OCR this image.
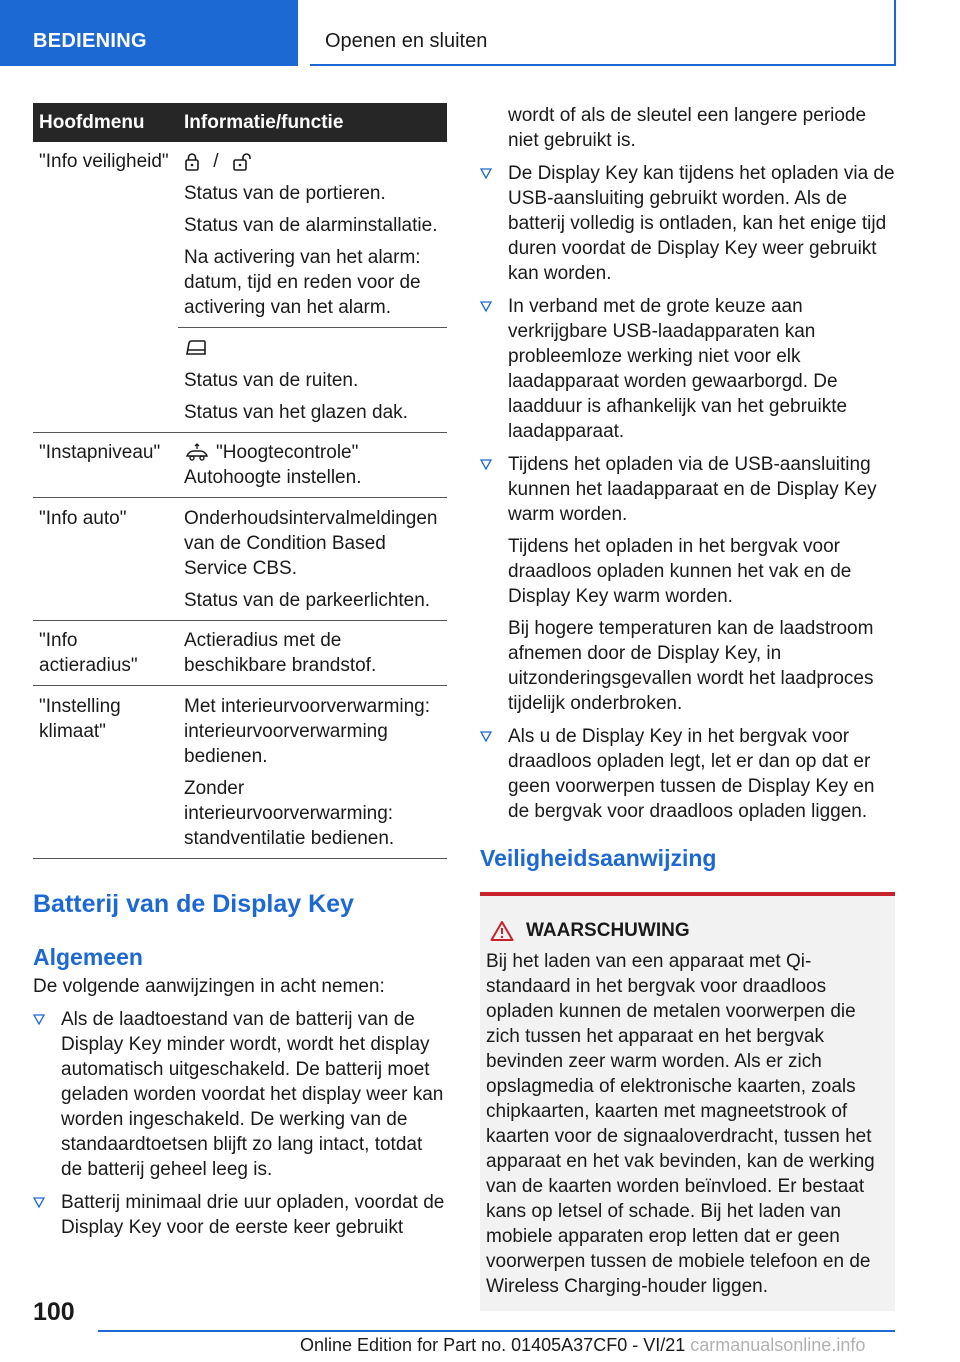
BEDIENING	Openen en sluiten
Hoofdmenu	Informatie/functie
"Info veiligheid"	/

Status van de portieren.

Status van de alarminstallatie.

Na activering van het alarm: datum, tijd en reden voor de activering van het alarm.

	Status van de ruiten.

Status van het glazen dak.

"Instapniveau"	"Hoogtecontrole" Autohoogte instellen.

"Info auto"	Onderhoudsintervalmeldingen van de Condition Based Service CBS.

Status van de parkeerlichten.

"Info actieradius"	Actieradius met de beschikbare brandstof.

"Instelling klimaat"	Met interieurvoorverwarming: interieurvoorverwarming bedienen.

Zonder interieurvoorverwarming: standventilatie bedienen.

Batterij van de Display Key
Algemeen

De volgende aanwijzingen in acht nemen:

Als de laadtoestand van de batterij van de Display Key minder wordt, wordt het display automatisch uitgeschakeld. De batterij moet geladen worden voordat het display weer kan worden ingeschakeld. De werking van de standaardtoetsen blijft zo lang intact, totdat de batterij geheel leeg is.

Batterij minimaal drie uur opladen, voordat de Display Key voor de eerste keer gebruikt

wordt of als de sleutel een langere periode niet gebruikt is.

De Display Key kan tijdens het opladen via de USB-aansluiting gebruikt worden. Als de batterij volledig is ontladen, kan het enige tijd duren voordat de Display Key weer gebruikt kan worden.

In verband met de grote keuze aan verkrijgbare USB-laadapparaten kan probleemloze werking niet voor elk laadapparaat worden gewaarborgd. De laadduur is afhankelijk van het gebruikte laadapparaat.

Tijdens het opladen via de USB-aansluiting kunnen het laadapparaat en de Display Key warm worden.

Tijdens het opladen in het bergvak voor draadloos opladen kunnen het vak en de Display Key warm worden.

Bij hogere temperaturen kan de laadstroom afnemen door de Display Key, in uitzonderingsgevallen wordt het laadproces tijdelijk onderbroken.

Als u de Display Key in het bergvak voor draadloos opladen legt, let er dan op dat er geen voorwerpen tussen de Display Key en de bergvak voor draadloos opladen liggen.

Veiligheidsaanwijzing
WAARSCHUWING

Bij het laden van een apparaat met Qi-standaard in het bergvak voor draadloos opladen kunnen de metalen voorwerpen die zich tussen het apparaat en het bergvak bevinden zeer warm worden. Als er zich opslagmedia of elektronische kaarten, zoals chipkaarten, kaarten met magneetstrook of kaarten voor de signaaloverdracht, tussen het apparaat en het vak bevinden, kan de werking van de kaarten worden beïnvloed. Er bestaat kans op letsel of schade. Bij het laden van mobiele apparaten erop letten dat er geen voorwerpen tussen de mobiele telefoon en de Wireless Charging-houder liggen.

100
Online Edition for Part no. 01405A37CF0 - VI/21 carmanualsonline.info
